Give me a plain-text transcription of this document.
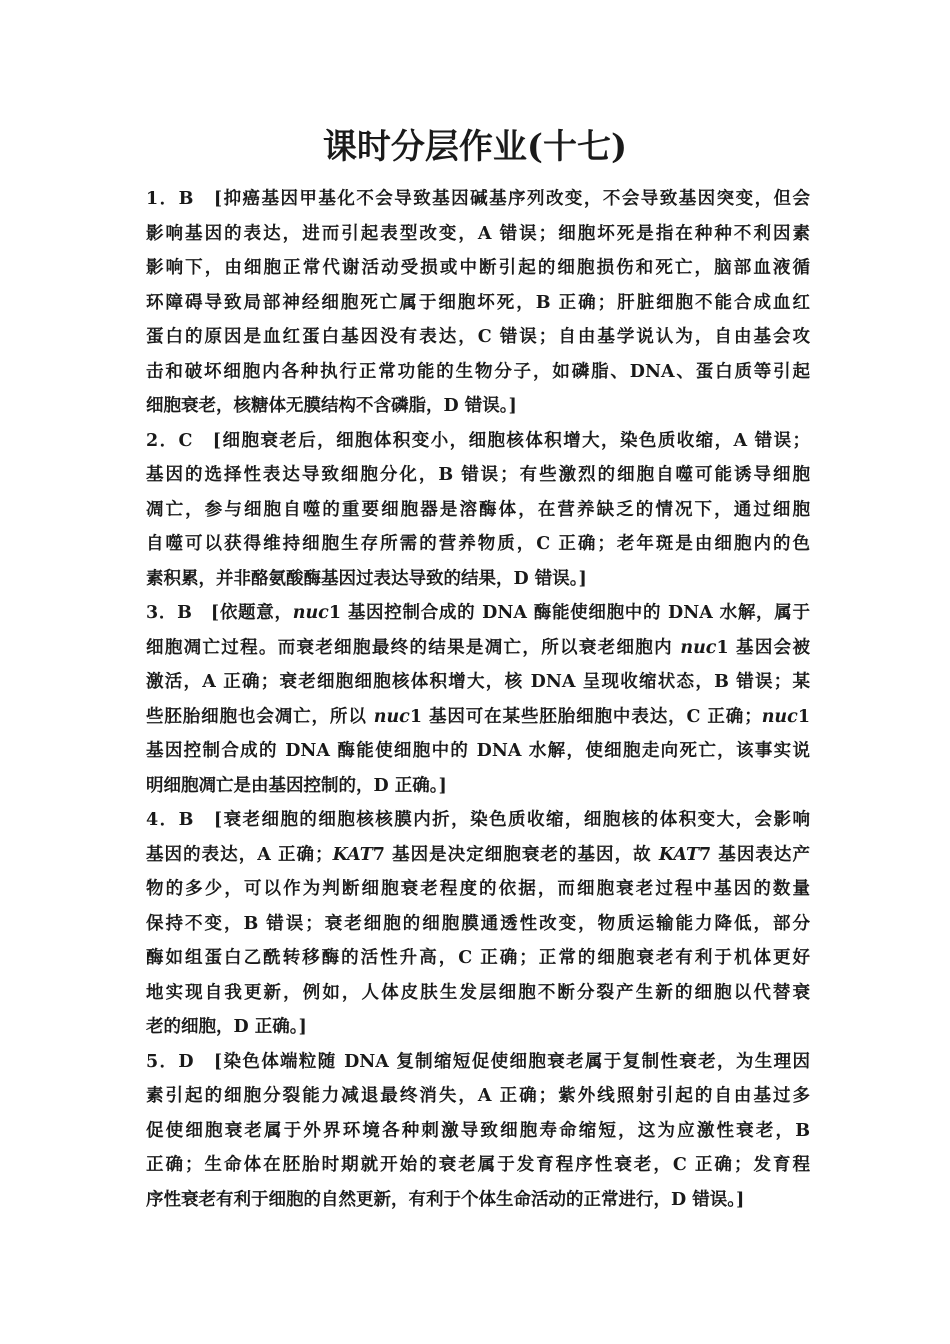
课时分层作业(十七)
1．B　[抑癌基因甲基化不会导致基因碱基序列改变，不会导致基因突变，但会
影响基因的表达，进而引起表型改变，A 错误；细胞坏死是指在种种不利因素
影响下，由细胞正常代谢活动受损或中断引起的细胞损伤和死亡，脑部血液循
环障碍导致局部神经细胞死亡属于细胞坏死，B 正确；肝脏细胞不能合成血红
蛋白的原因是血红蛋白基因没有表达，C 错误；自由基学说认为，自由基会攻
击和破坏细胞内各种执行正常功能的生物分子，如磷脂、DNA、蛋白质等引起
细胞衰老，核糖体无膜结构不含磷脂，D 错误。]
2．C　[细胞衰老后，细胞体积变小，细胞核体积增大，染色质收缩，A 错误；
基因的选择性表达导致细胞分化，B 错误；有些激烈的细胞自噬可能诱导细胞
凋亡，参与细胞自噬的重要细胞器是溶酶体，在营养缺乏的情况下，通过细胞
自噬可以获得维持细胞生存所需的营养物质，C 正确；老年斑是由细胞内的色
素积累，并非酪氨酸酶基因过表达导致的结果，D 错误。]
3．B　[依题意，nuc1 基因控制合成的 DNA 酶能使细胞中的 DNA 水解，属于
细胞凋亡过程。而衰老细胞最终的结果是凋亡，所以衰老细胞内 nuc1 基因会被
激活，A 正确；衰老细胞细胞核体积增大，核 DNA 呈现收缩状态，B 错误；某
些胚胎细胞也会凋亡，所以 nuc1 基因可在某些胚胎细胞中表达，C 正确；nuc1
基因控制合成的 DNA 酶能使细胞中的 DNA 水解，使细胞走向死亡，该事实说
明细胞凋亡是由基因控制的，D 正确。]
4．B　[衰老细胞的细胞核核膜内折，染色质收缩，细胞核的体积变大，会影响
基因的表达，A 正确；KAT7 基因是决定细胞衰老的基因，故 KAT7 基因表达产
物的多少，可以作为判断细胞衰老程度的依据，而细胞衰老过程中基因的数量
保持不变，B 错误；衰老细胞的细胞膜通透性改变，物质运输能力降低，部分
酶如组蛋白乙酰转移酶的活性升高，C 正确；正常的细胞衰老有利于机体更好
地实现自我更新，例如，人体皮肤生发层细胞不断分裂产生新的细胞以代替衰
老的细胞，D 正确。]
5．D　[染色体端粒随 DNA 复制缩短促使细胞衰老属于复制性衰老，为生理因
素引起的细胞分裂能力减退最终消失，A 正确；紫外线照射引起的自由基过多
促使细胞衰老属于外界环境各种刺激导致细胞寿命缩短，这为应激性衰老，B
正确；生命体在胚胎时期就开始的衰老属于发育程序性衰老，C 正确；发育程
序性衰老有利于细胞的自然更新，有利于个体生命活动的正常进行，D 错误。]
